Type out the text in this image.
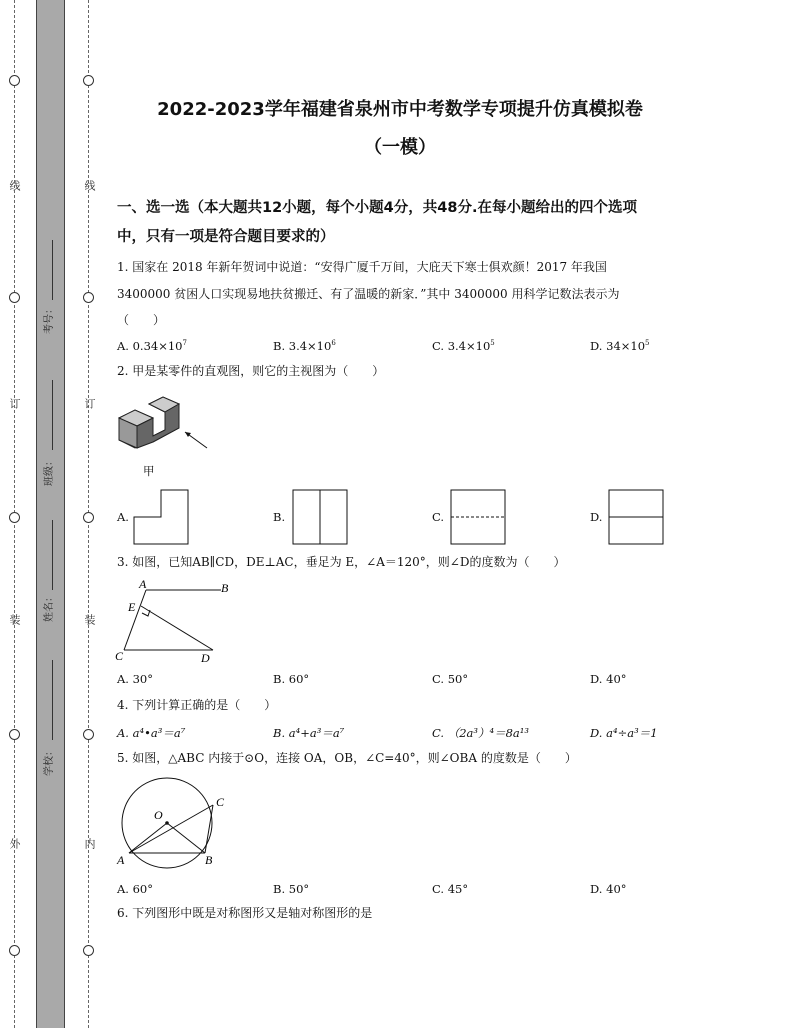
线
订
装
外
线
订
装
内
考号：
班级：
姓名：
学校：
2022-2023学年福建省泉州市中考数学专项提升仿真模拟卷
（一模）
一、选一选（本大题共12小题，每个小题4分，共48分.在每小题给出的四个选项
中，只有一项是符合题目要求的）
1. 国家在 2018 年新年贺词中说道：“安得广厦千万间，大庇天下寒士俱欢颜！2017 年我国
3400000 贫困人口实现易地扶贫搬迁、有了温暖的新家．”其中 3400000 用科学记数法表示为
（　　）
A. $0.34\times 10^7$	B. $3.4\times 10^6$	C. $3.4\times 10^5$	D. $34\times 10^5$
2. 甲是某零件的直观图，则它的主视图为（　　）
甲
A.	B.	C.	D.
3. 如图，已知AB∥CD，DE⊥AC，垂足为 E，∠A＝120°，则∠D的度数为（　　）
A	B
E
C	D
A. 30°	B. 60°	C. 50°	D. 40°
4. 下列计算正确的是（　　）
A. a⁴•a³＝a⁷	B. a⁴+a³＝a⁷	C. （2a³）⁴＝8a¹³	D. a⁴÷a³＝1
5. 如图，△ABC 内接于⊙O，连接 OA，OB，∠C=40°，则∠OBA 的度数是（　　）
O
C
A	B
A. 60°	B. 50°	C. 45°	D. 40°
6. 下列图形中既是对称图形又是轴对称图形的是
